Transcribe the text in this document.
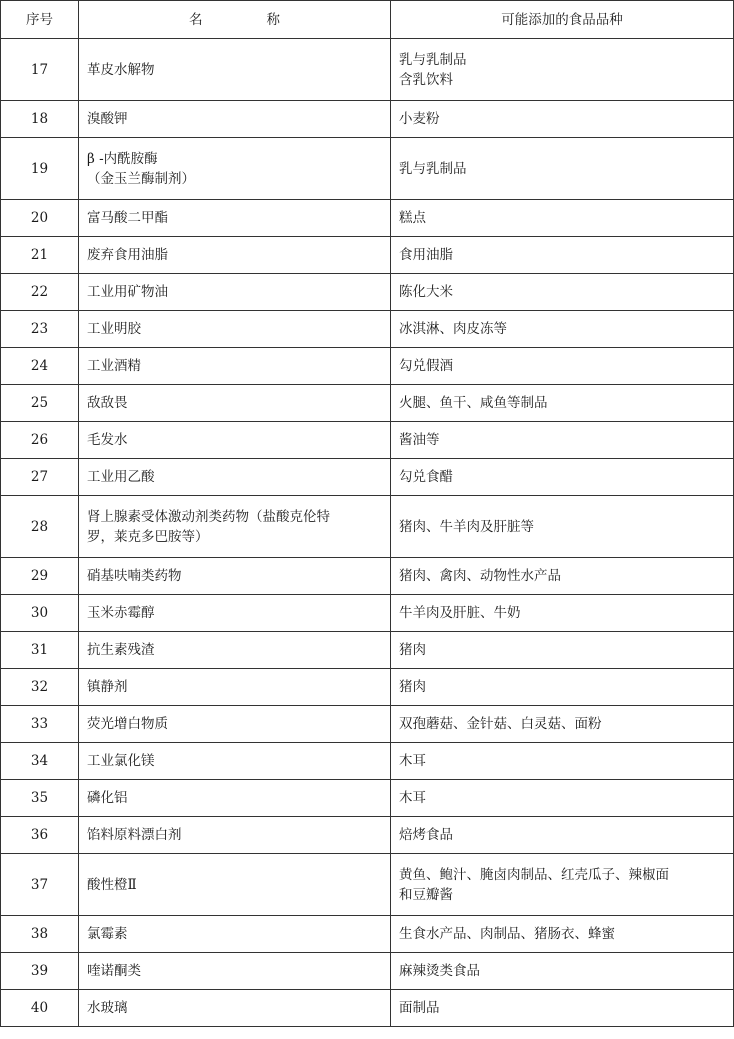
序号	名 称	可能添加的食品品种
17	革皮水解物	乳与乳制品
含乳饮料

18	溴酸钾	小麦粉

19	β -内酰胺酶
（金玉兰酶制剂）	乳与乳制品

20	富马酸二甲酯	糕点

21	废弃食用油脂	食用油脂

22	工业用矿物油	陈化大米

23	工业明胶	冰淇淋、肉皮冻等

24	工业酒精	勾兑假酒

25	敌敌畏	火腿、鱼干、咸鱼等制品

26	毛发水	酱油等

27	工业用乙酸	勾兑食醋

28	肾上腺素受体激动剂类药物（盐酸克伦特
罗，莱克多巴胺等）	猪肉、牛羊肉及肝脏等

29	硝基呋喃类药物	猪肉、禽肉、动物性水产品

30	玉米赤霉醇	牛羊肉及肝脏、牛奶

31	抗生素残渣	猪肉

32	镇静剂	猪肉

33	荧光增白物质	双孢蘑菇、金针菇、白灵菇、面粉

34	工业氯化镁	木耳

35	磷化铝	木耳

36	馅料原料漂白剂	焙烤食品

37	酸性橙Ⅱ	黄鱼、鲍汁、腌卤肉制品、红壳瓜子、辣椒面
和豆瓣酱

38	氯霉素	生食水产品、肉制品、猪肠衣、蜂蜜

39	喹诺酮类	麻辣烫类食品

40	水玻璃	面制品
